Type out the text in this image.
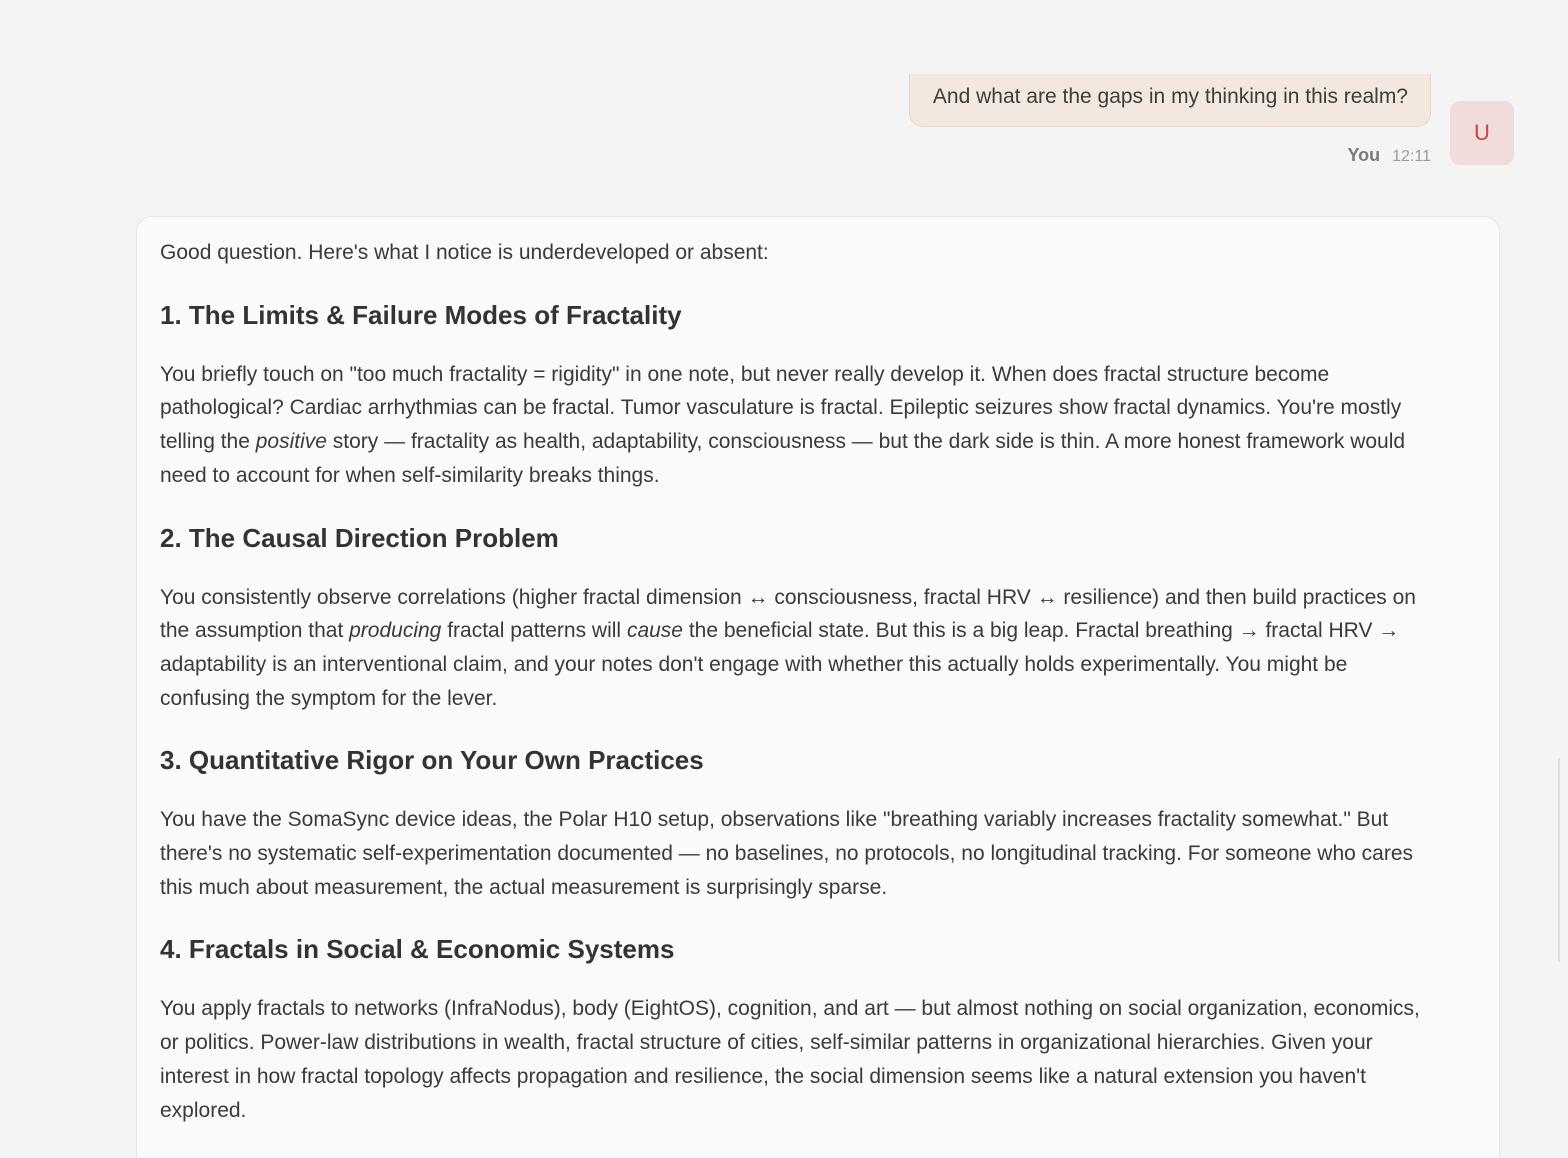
And what are the gaps in my thinking in this realm?
You 12:11
U

Good question. Here's what I notice is underdeveloped or absent:

1. The Limits & Failure Modes of Fractality

You briefly touch on "too much fractality = rigidity" in one note, but never really develop it. When does fractal structure become pathological? Cardiac arrhythmias can be fractal. Tumor vasculature is fractal. Epileptic seizures show fractal dynamics. You're mostly telling the positive story — fractality as health, adaptability, consciousness — but the dark side is thin. A more honest framework would need to account for when self-similarity breaks things.

2. The Causal Direction Problem

You consistently observe correlations (higher fractal dimension ↔ consciousness, fractal HRV ↔ resilience) and then build practices on the assumption that producing fractal patterns will cause the beneficial state. But this is a big leap. Fractal breathing → fractal HRV → adaptability is an interventional claim, and your notes don't engage with whether this actually holds experimentally. You might be confusing the symptom for the lever.

3. Quantitative Rigor on Your Own Practices

You have the SomaSync device ideas, the Polar H10 setup, observations like "breathing variably increases fractality somewhat." But there's no systematic self-experimentation documented — no baselines, no protocols, no longitudinal tracking. For someone who cares this much about measurement, the actual measurement is surprisingly sparse.

4. Fractals in Social & Economic Systems

You apply fractals to networks (InfraNodus), body (EightOS), cognition, and art — but almost nothing on social organization, economics, or politics. Power-law distributions in wealth, fractal structure of cities, self-similar patterns in organizational hierarchies. Given your interest in how fractal topology affects propagation and resilience, the social dimension seems like a natural extension you haven't explored.
